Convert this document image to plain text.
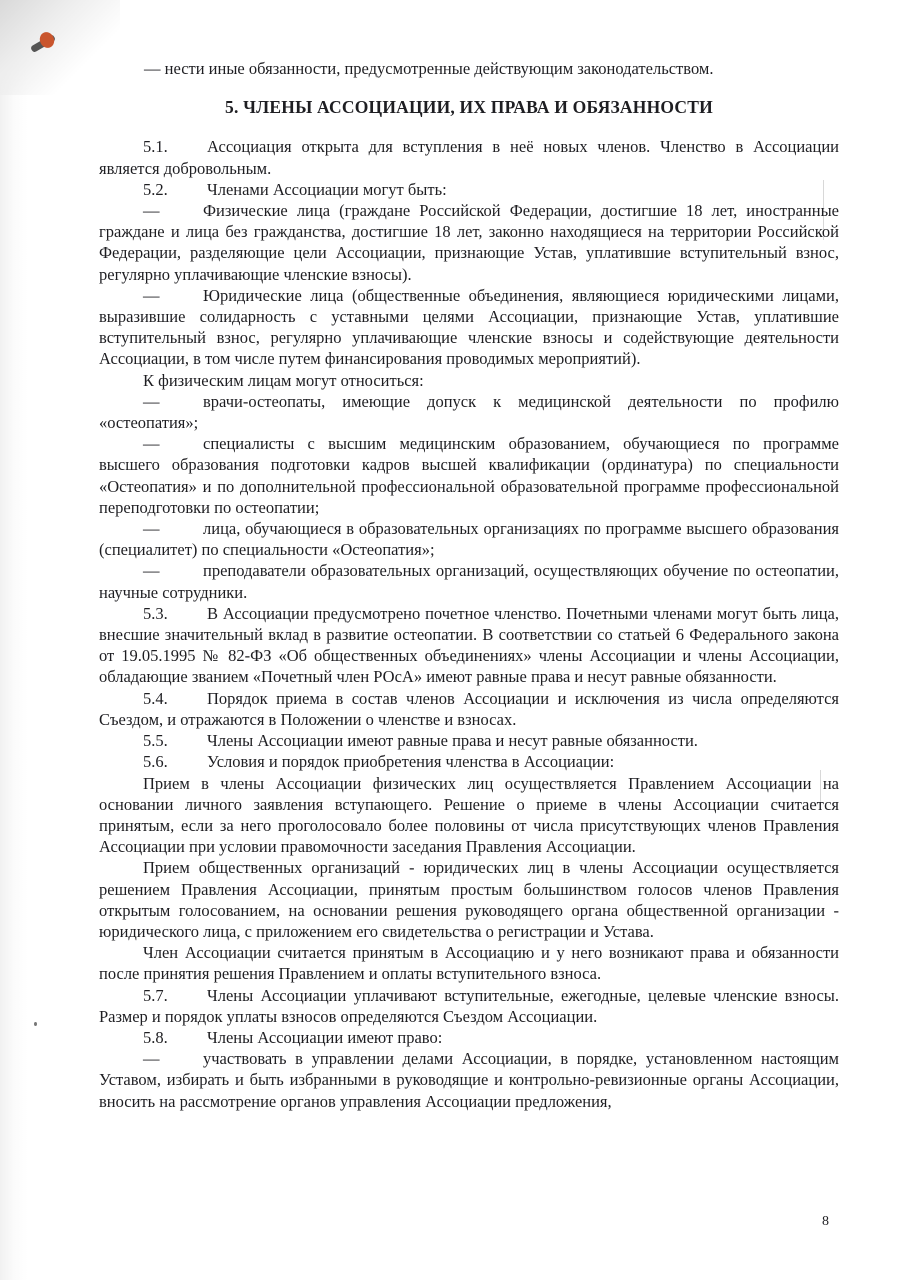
— нести иные обязанности, предусмотренные действующим законодательством.

5. ЧЛЕНЫ АССОЦИАЦИИ, ИХ ПРАВА И ОБЯЗАННОСТИ

5.1. Ассоциация открыта для вступления в неё новых членов. Членство в Ассоциации является добровольным.

5.2. Членами Ассоциации могут быть:

—	Физические лица (граждане Российской Федерации, достигшие 18 лет, иностранные граждане и лица без гражданства, достигшие 18 лет, законно находящиеся на территории Российской Федерации, разделяющие цели Ассоциации, признающие Устав, уплатившие вступительный взнос, регулярно уплачивающие членские взносы).

—	Юридические лица (общественные объединения, являющиеся юридическими лицами, выразившие солидарность с уставными целями Ассоциации, признающие Устав, уплатившие вступительный взнос, регулярно уплачивающие членские взносы и содействующие деятельности Ассоциации, в том числе путем финансирования проводимых мероприятий).

К физическим лицам могут относиться:

—	врачи-остеопаты, имеющие допуск к медицинской деятельности по профилю «остеопатия»;

—	специалисты с высшим медицинским образованием, обучающиеся по программе высшего образования подготовки кадров высшей квалификации (ординатура) по специальности «Остеопатия» и по дополнительной профессиональной образовательной программе профессиональной переподготовки по остеопатии;

—	лица, обучающиеся в образовательных организациях по программе высшего образования (специалитет) по специальности «Остеопатия»;

—	преподаватели образовательных организаций, осуществляющих обучение по остеопатии, научные сотрудники.

5.3. В Ассоциации предусмотрено почетное членство. Почетными членами могут быть лица, внесшие значительный вклад в развитие остеопатии. В соответствии со статьей 6 Федерального закона от 19.05.1995 № 82-ФЗ «Об общественных объединениях» члены Ассоциации и члены Ассоциации, обладающие званием «Почетный член РОсА» имеют равные права и несут равные обязанности.

5.4. Порядок приема в состав членов Ассоциации и исключения из числа определяются Съездом, и отражаются в Положении о членстве и взносах.

5.5. Члены Ассоциации имеют равные права и несут равные обязанности.

5.6. Условия и порядок приобретения членства в Ассоциации:

Прием в члены Ассоциации физических лиц осуществляется Правлением Ассоциации на основании личного заявления вступающего. Решение о приеме в члены Ассоциации считается принятым, если за него проголосовало более половины от числа присутствующих членов Правления Ассоциации при условии правомочности заседания Правления Ассоциации.

Прием общественных организаций - юридических лиц в члены Ассоциации осуществляется решением Правления Ассоциации, принятым простым большинством голосов членов Правления открытым голосованием, на основании решения руководящего органа общественной организации - юридического лица, с приложением его свидетельства о регистрации и Устава.

Член Ассоциации считается принятым в Ассоциацию и у него возникают права и обязанности после принятия решения Правлением и оплаты вступительного взноса.

5.7. Члены Ассоциации уплачивают вступительные, ежегодные, целевые членские взносы. Размер и порядок уплаты взносов определяются Съездом Ассоциации.

5.8. Члены Ассоциации имеют право:

—	участвовать в управлении делами Ассоциации, в порядке, установленном настоящим Уставом, избирать и быть избранными в руководящие и контрольно-ревизионные органы Ассоциации, вносить на рассмотрение органов управления Ассоциации предложения,

8
